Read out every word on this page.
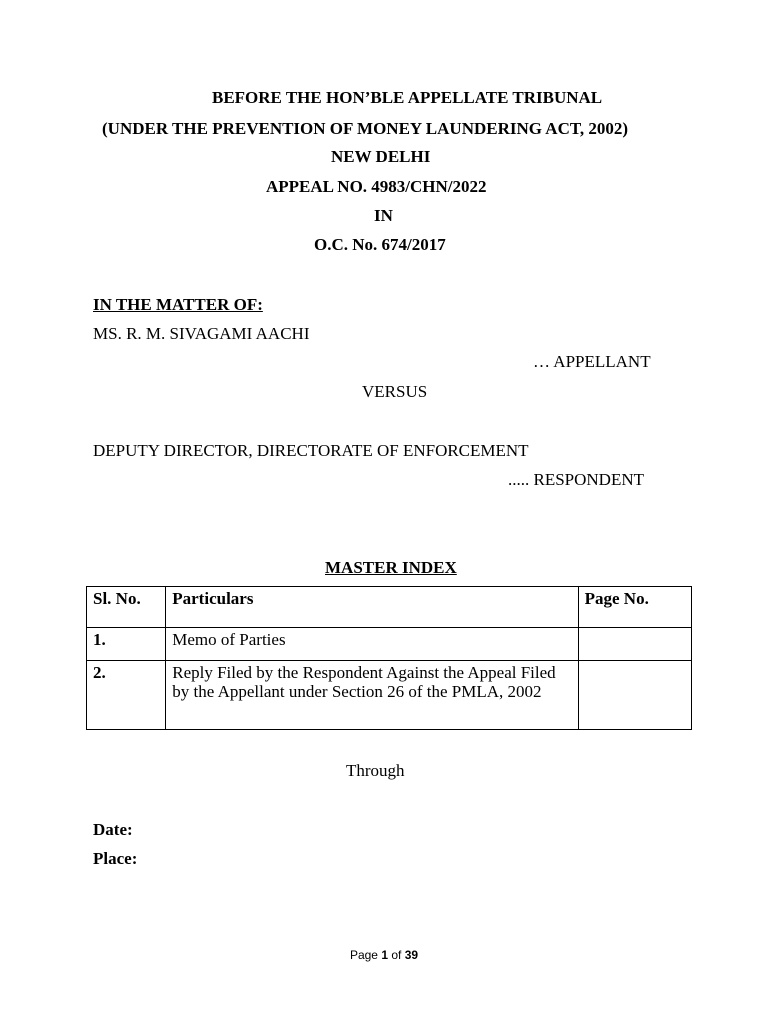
BEFORE THE HON’BLE APPELLATE TRIBUNAL
(UNDER THE PREVENTION OF MONEY LAUNDERING ACT, 2002)
NEW DELHI
APPEAL NO. 4983/CHN/2022
IN
O.C. No. 674/2017
IN THE MATTER OF:
MS. R. M. SIVAGAMI AACHI
… APPELLANT
VERSUS
DEPUTY DIRECTOR, DIRECTORATE OF ENFORCEMENT
..... RESPONDENT
MASTER INDEX
Sl. No.	Particulars	Page No.
1.	Memo of Parties	
2.	Reply Filed by the Respondent Against the Appeal Filed by the Appellant under Section 26 of the PMLA, 2002	
Through
Date:
Place:
Page 1 of 39
